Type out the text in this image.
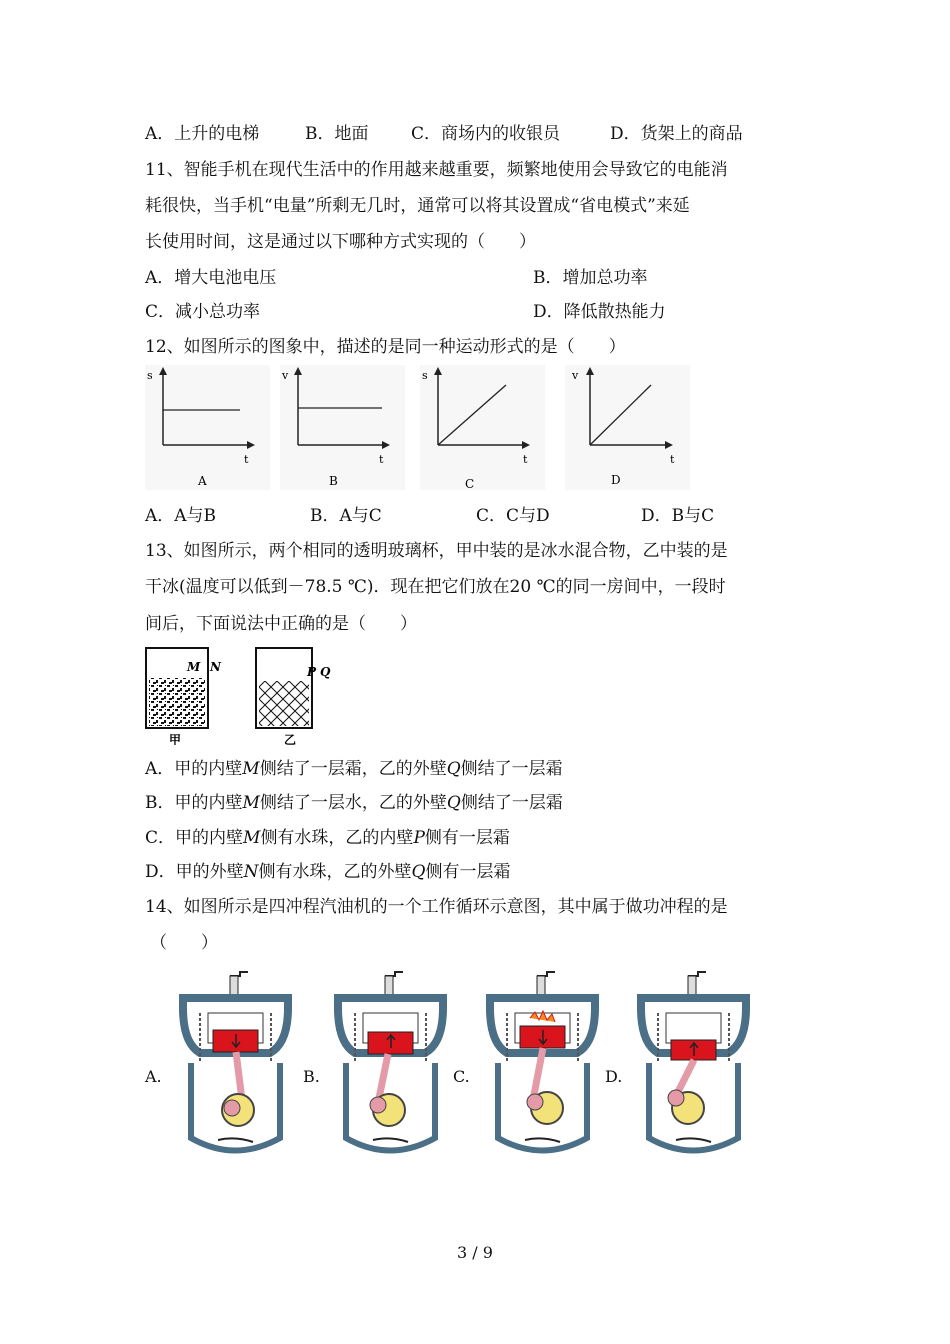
A．上升的电梯	B．地面	C．商场内的收银员	D．货架上的商品
11、智能手机在现代生活中的作用越来越重要，频繁地使用会导致它的电能消
耗很快，当手机“电量”所剩无几时，通常可以将其设置成“省电模式”来延
长使用时间，这是通过以下哪种方式实现的（　　）
A．增大电池电压	B．增加总功率
C．减小总功率	D．降低散热能力
12、如图所示的图象中，描述的是同一种运动形式的是（　　）
s
t
A
v
t
B
s
t
C
v
t
D
A．A与B	B．A与C	C．C与D	D．B与C
13、如图所示，两个相同的透明玻璃杯，甲中装的是冰水混合物，乙中装的是
干冰(温度可以低到－78.5 ℃)．现在把它们放在20 ℃的同一房间中，一段时
间后，下面说法中正确的是（　　）
M N
甲
P Q
乙
A．甲的内壁M侧结了一层霜，乙的外壁Q侧结了一层霜
B．甲的内壁M侧结了一层水，乙的外壁Q侧结了一层霜
C．甲的内壁M侧有水珠，乙的内壁P侧有一层霜
D．甲的外壁N侧有水珠，乙的外壁Q侧有一层霜
14、如图所示是四冲程汽油机的一个工作循环示意图，其中属于做功冲程的是
（　　）
A.	B.	C.	D.
3 / 9
